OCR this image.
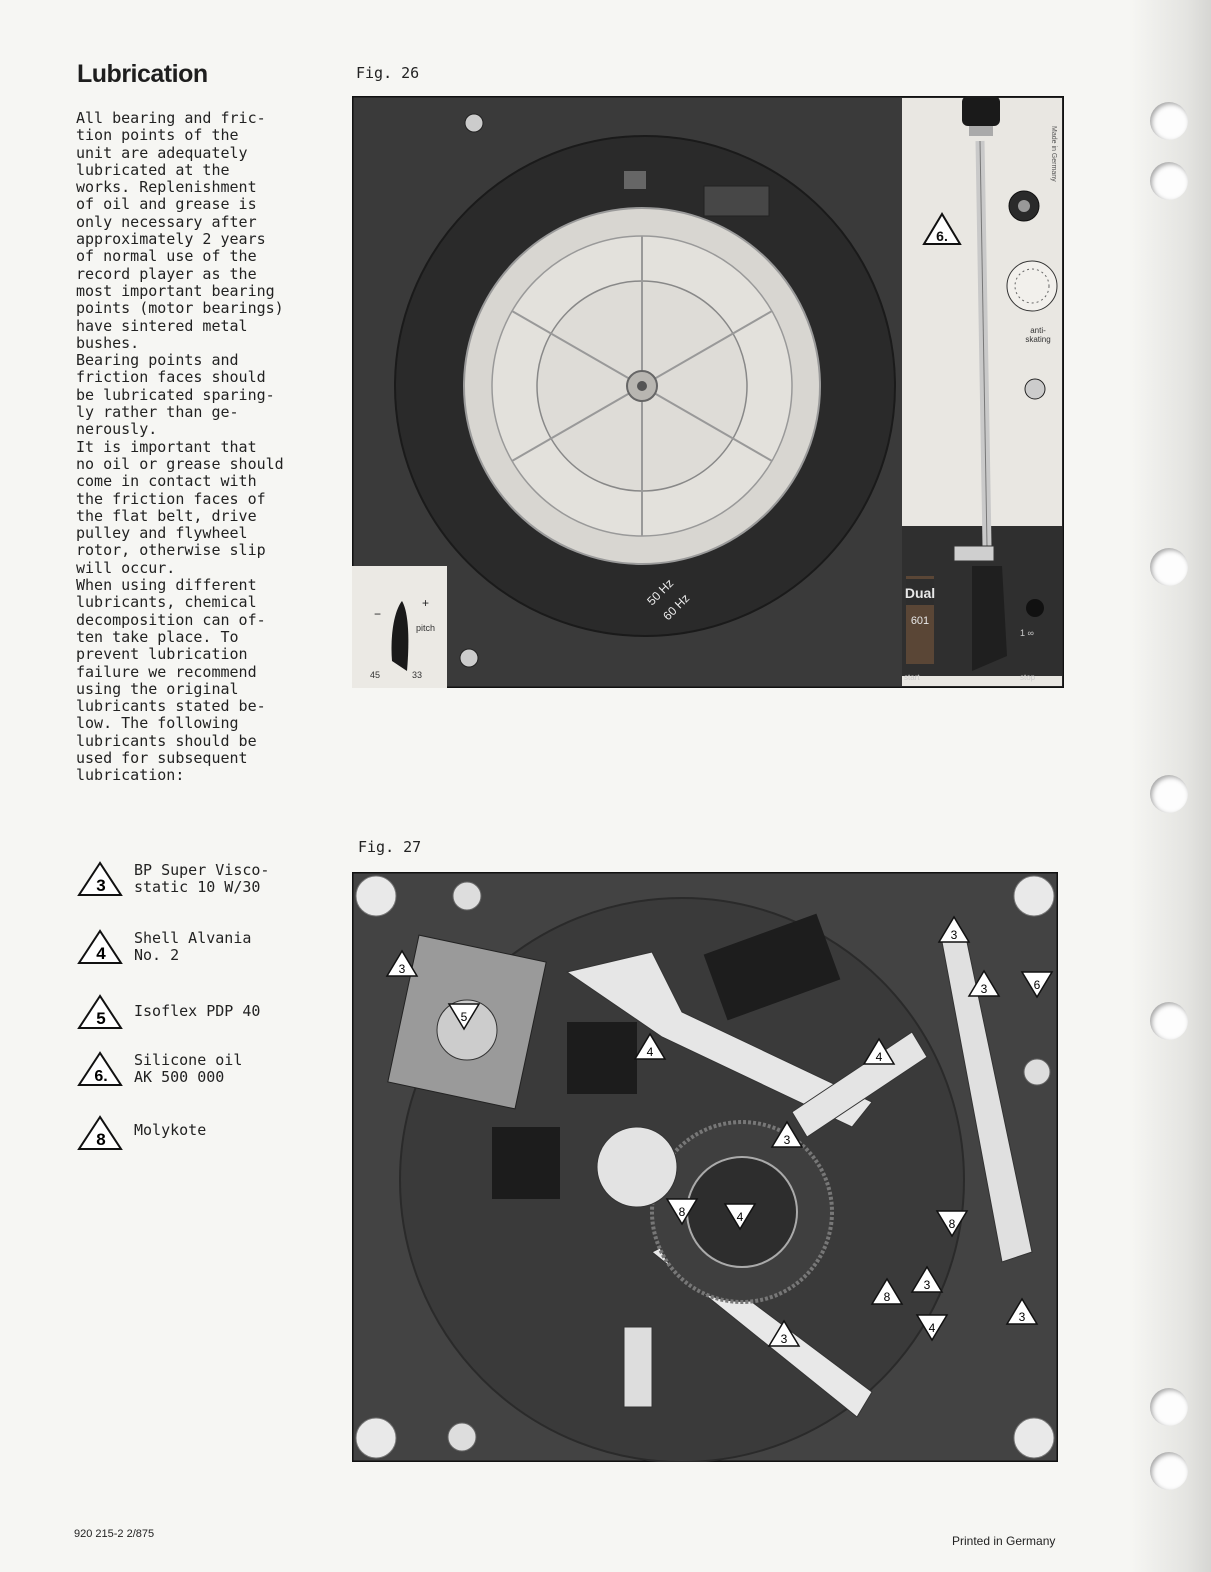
Lubrication

All bearing and fric-
tion points of the
unit are adequately
lubricated at the
works. Replenishment
of oil and grease is
only necessary after
approximately 2 years
of normal use of the
record player as the
most important bearing
points (motor bearings)
have sintered metal
bushes.
Bearing points and
friction faces should
be lubricated sparing-
ly rather than ge-
nerously.
It is important that
no oil or grease should
come in contact with
the friction faces of
the flat belt, drive
pulley and flywheel
rotor, otherwise slip
will occur.
When using different
lubricants, chemical
decomposition can of-
ten take place. To
prevent lubrication
failure we recommend
using the original
lubricants stated be-
low. The following
lubricants should be
used for subsequent
lubrication:

Fig. 26
6.
50 Hz
60 Hz
−
+
pitch
45	33
Dual
601
anti-skating
start	stop
1 ∞
Made in Germany
Fig. 27
3
4
5
6
8
4
3
4
3
8
3
8
3
4
3
3
3
BP Super Visco-
static 10 W/30
4
Shell Alvania
No. 2
5 Isoflex PDP 40
6.
Silicone oil
AK 500 000
8 Molykote
920 215-2 2/875	Printed in Germany
